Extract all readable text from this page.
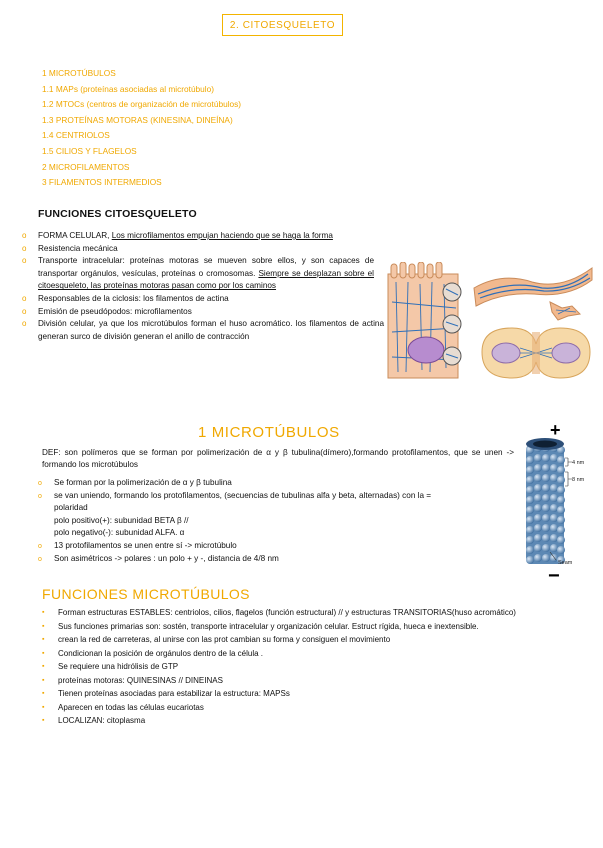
2. CITOESQUELETO
1 MICROTÚBULOS
1.1 MAPs (proteínas asociadas al microtúbulo)
1.2 MTOCs (centros de organización de microtúbulos)
1.3 PROTEÍNAS MOTORAS (KINESINA, DINEÍNA)
1.4 CENTRIOLOS
1.5 CILIOS Y FLAGELOS
2 MICROFILAMENTOS
3 FILAMENTOS INTERMEDIOS
FUNCIONES CITOESQUELETO
o FORMA CELULAR, Los microfilamentos empujan haciendo que se haga la forma
o Resistencia mecánica
o Transporte intracelular: proteínas motoras se mueven sobre ellos, y son capaces de transportar orgánulos, vesículas, proteínas o cromosomas. Siempre se desplazan sobre el citoesqueleto, las proteínas motoras pasan como por los caminos
o Responsables de la ciclosis: los filamentos de actina
o Emisión de pseudópodos: microfilamentos
o División celular, ya que los microtúbulos forman el huso acromático. los filamentos de actina generan surco de división generan el anillo de contracción
1 MICROTÚBULOS
DEF: son polímeros que se forman por polimerización de α y β tubulina(dímero),formando protofilamentos, que se unen -> formando los microtúbulos
o Se forman por la polimerización de α y β tubulina
o se van uniendo, formando los protofilamentos, (secuencias de tubulinas alfa y beta, alternadas) con la = polaridad
polo positivo(+): subunidad BETA β //
polo negativo(-): subunidad ALFA. α
o 13 protofilamentos se unen entre sí -> microtúbulo
o Son asimétricos -> polares : un polo + y -, distancia de 4/8 nm
+
−
4 nm
8 nm
Seam
FUNCIONES MICROTÚBULOS
▪ Forman estructuras ESTABLES: centriolos, cilios, flagelos (función estructural) // y estructuras TRANSITORIAS(huso acromático)
▪ Sus funciones primarias son: sostén, transporte intracelular y organización celular. Estruct rígida, hueca e inextensible.
▪ crean la red de carreteras, al unirse con las prot cambian su forma y consiguen el movimiento
▪ Condicionan la posición de orgánulos dentro de la célula .
▪ Se requiere una hidrólisis de GTP
▪ proteínas motoras: QUINESINAS // DINEINAS
▪ Tienen proteínas asociadas para estabilizar la estructura: MAPSs
▪ Aparecen en todas las células eucariotas
▪ LOCALIZAN: citoplasma
